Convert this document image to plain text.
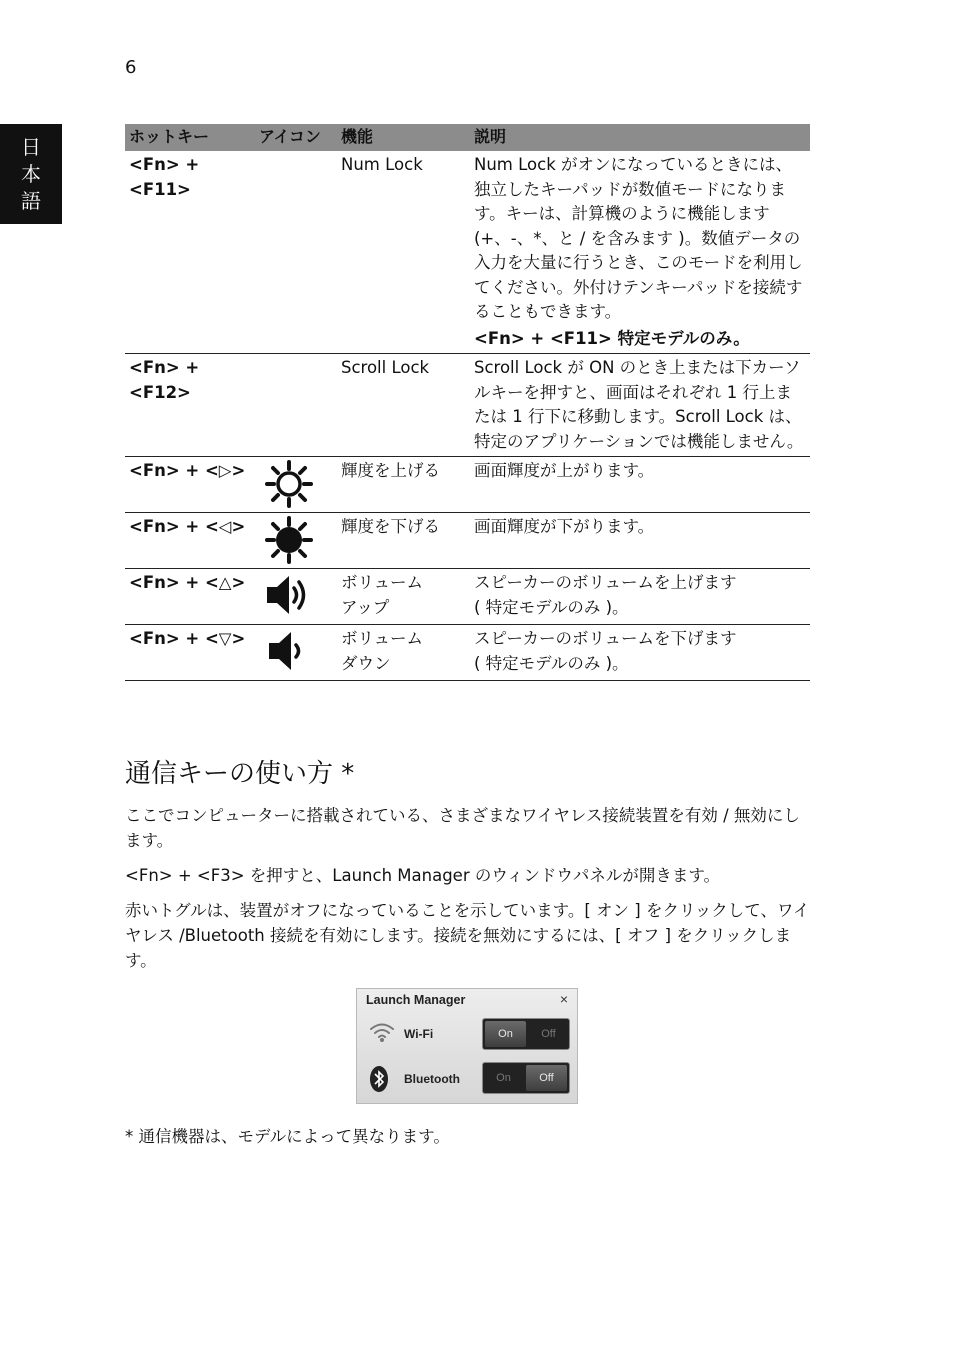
6
日
本
語
ホットキー	アイコン	機能	説明
<Fn> + <F11>		Num Lock	Num Lock がオンになっているときには、独立したキーパッドが数値モードになります。キーは、計算機のように機能します (+、-、*、と / を含みます )。数値データの入力を大量に行うとき、このモードを利用してください。外付けテンキーパッドを接続することもできます。
<Fn> + <F11> 特定モデルのみ。

<Fn> + <F12>		Scroll Lock	Scroll Lock が ON のとき上または下カーソルキーを押すと、画面はそれぞれ 1 行上または 1 行下に移動します。Scroll Lock は、特定のアプリケーションでは機能しません。
<Fn> + <▷>		輝度を上げる	画面輝度が上がります。
<Fn> + <◁>		輝度を下げる	画面輝度が下がります。
<Fn> + <△>		ボリューム
アップ	スピーカーのボリュームを上げます
( 特定モデルのみ )。
<Fn> + <▽>		ボリューム
ダウン	スピーカーのボリュームを下げます
( 特定モデルのみ )。
通信キーの使い方 *

ここでコンピューターに搭載されている、さまざまなワイヤレス接続装置を有効 / 無効にします。

<Fn> + <F3> を押すと、Launch Manager のウィンドウパネルが開きます。

赤いトグルは、装置がオフになっていることを示しています。[ オン ] をクリックして、ワイヤレス /Bluetooth 接続を有効にします。接続を無効にするには、[ オフ ] をクリックします。

Launch Manager	×
Wi-Fi	On	Off
Bluetooth	On	Off

* 通信機器は、モデルによって異なります。
